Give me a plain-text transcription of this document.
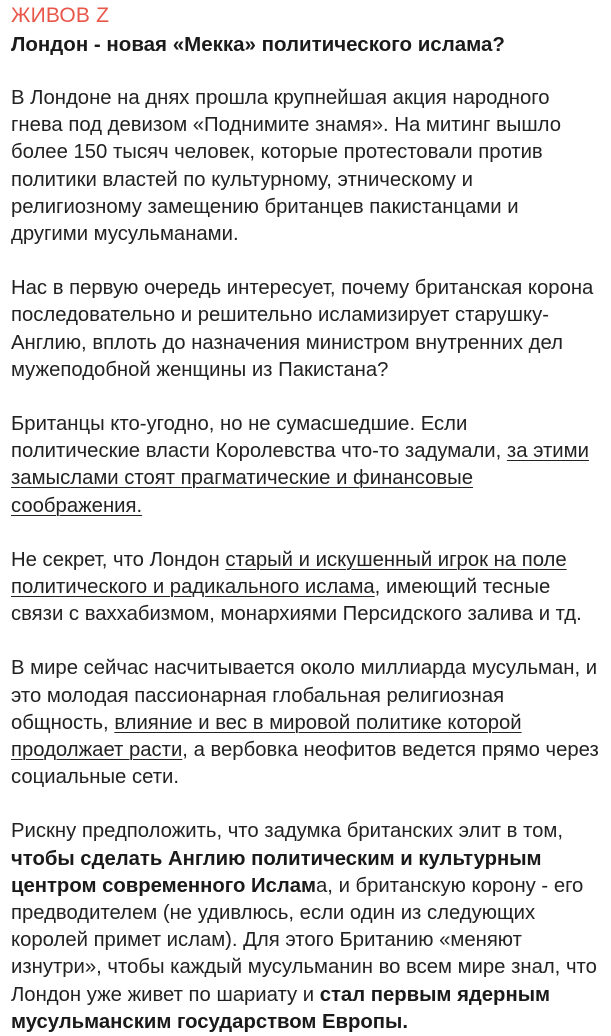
ЖИВОВ Z
Лондон - новая «Мекка» политического ислама?

В Лондоне на днях прошла крупнейшая акция народного гнева под девизом «Поднимите знамя». На митинг вышло более 150 тысяч человек, которые протестовали против политики властей по культурному, этническому и религиозному замещению британцев пакистанцами и другими мусульманами.

Нас в первую очередь интересует, почему британская корона последовательно и решительно исламизирует старушку-Англию, вплоть до назначения министром внутренних дел мужеподобной женщины из Пакистана?

Британцы кто-угодно, но не сумасшедшие. Если политические власти Королевства что-то задумали, за этими замыслами стоят прагматические и финансовые соображения.

Не секрет, что Лондон старый и искушенный игрок на поле политического и радикального ислама, имеющий тесные связи с ваххабизмом, монархиями Персидского залива и тд.

В мире сейчас насчитывается около миллиарда мусульман, и это молодая пассионарная глобальная религиозная общность, влияние и вес в мировой политике которой продолжает расти, а вербовка неофитов ведется прямо через социальные сети.

Рискну предположить, что задумка британских элит в том, чтобы сделать Англию политическим и культурным центром современного Ислама, и британскую корону - его предводителем (не удивлюсь, если один из следующих королей примет ислам). Для этого Британию «меняют изнутри», чтобы каждый мусульманин во всем мире знал, что Лондон уже живет по шариату и стал первым ядерным мусульманским государством Европы.
